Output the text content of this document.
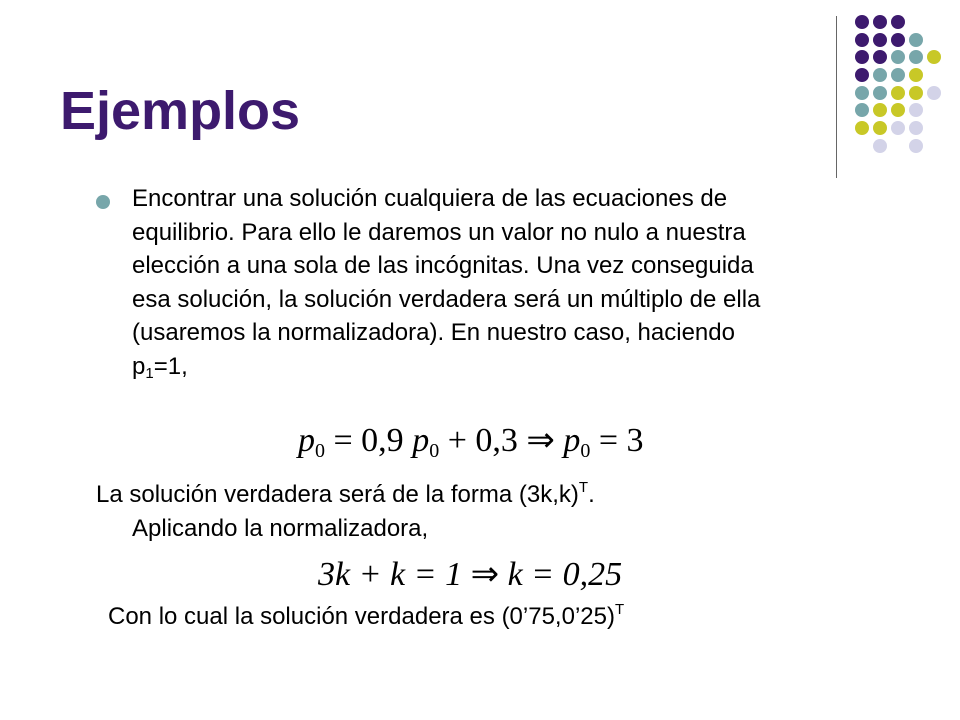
Ejemplos

Encontrar una solución cualquiera de las ecuaciones de equilibrio. Para ello le daremos un valor no nulo a nuestra elección a una sola de las incógnitas. Una vez conseguida esa solución, la solución verdadera será un múltiplo de ella (usaremos la normalizadora). En nuestro caso, haciendo $p_1=1$,

$p_0 = 0,9$ $p_0 + 0,3$ ⇒ $p_0 = 3$

La solución verdadera será de la forma $(3k,k)^T$.

Aplicando la normalizadora,

3k + k = 1 ⇒ k = 0,25

Con lo cual la solución verdadera es (0’75,0’25)$^T$
